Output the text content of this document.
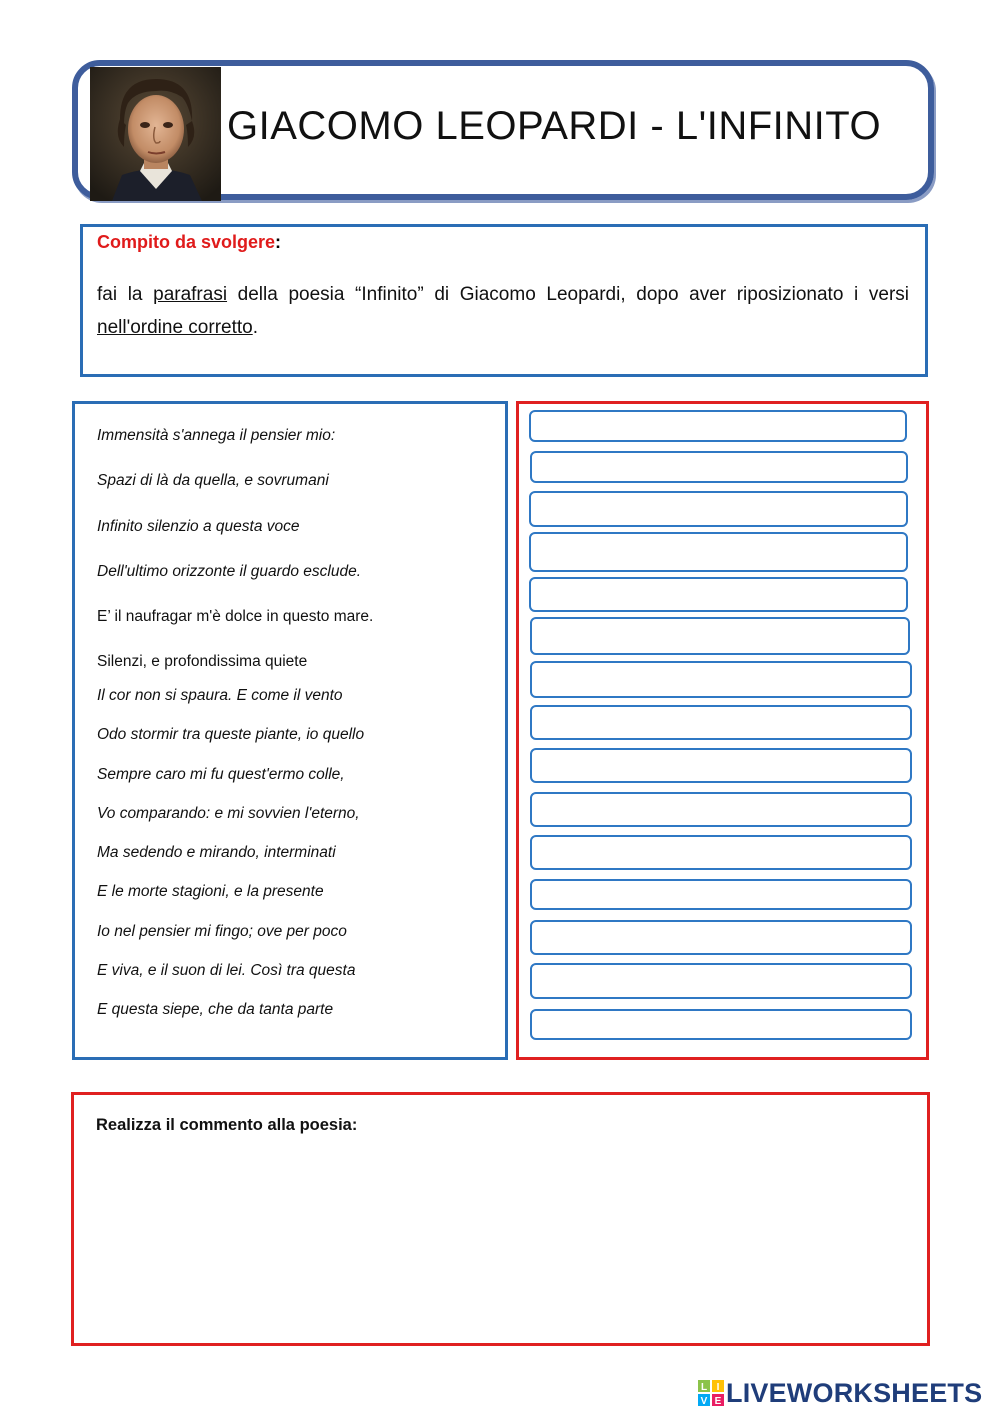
GIACOMO LEOPARDI - L'INFINITO
Compito da svolgere:
fai la parafrasi della poesia “Infinito” di Giacomo Leopardi, dopo aver riposizionato i versi nell'ordine corretto.
Immensità s'annega il pensier mio:
Spazi di là da quella, e sovrumani
Infinito silenzio a questa voce
Dell'ultimo orizzonte il guardo esclude.
E’ il naufragar m'è dolce in questo mare.
Silenzi, e profondissima quiete
Il cor non si spaura. E come il vento
Odo stormir tra queste piante, io quello
Sempre caro mi fu quest'ermo colle,
Vo comparando: e mi sovvien l'eterno,
Ma sedendo e mirando, interminati
E le morte stagioni, e la presente
Io nel pensier mi fingo; ove per poco
E viva, e il suon di lei. Così tra questa
E questa siepe, che da tanta parte
Realizza il commento alla poesia:
L I
V E LIVEWORKSHEETS
